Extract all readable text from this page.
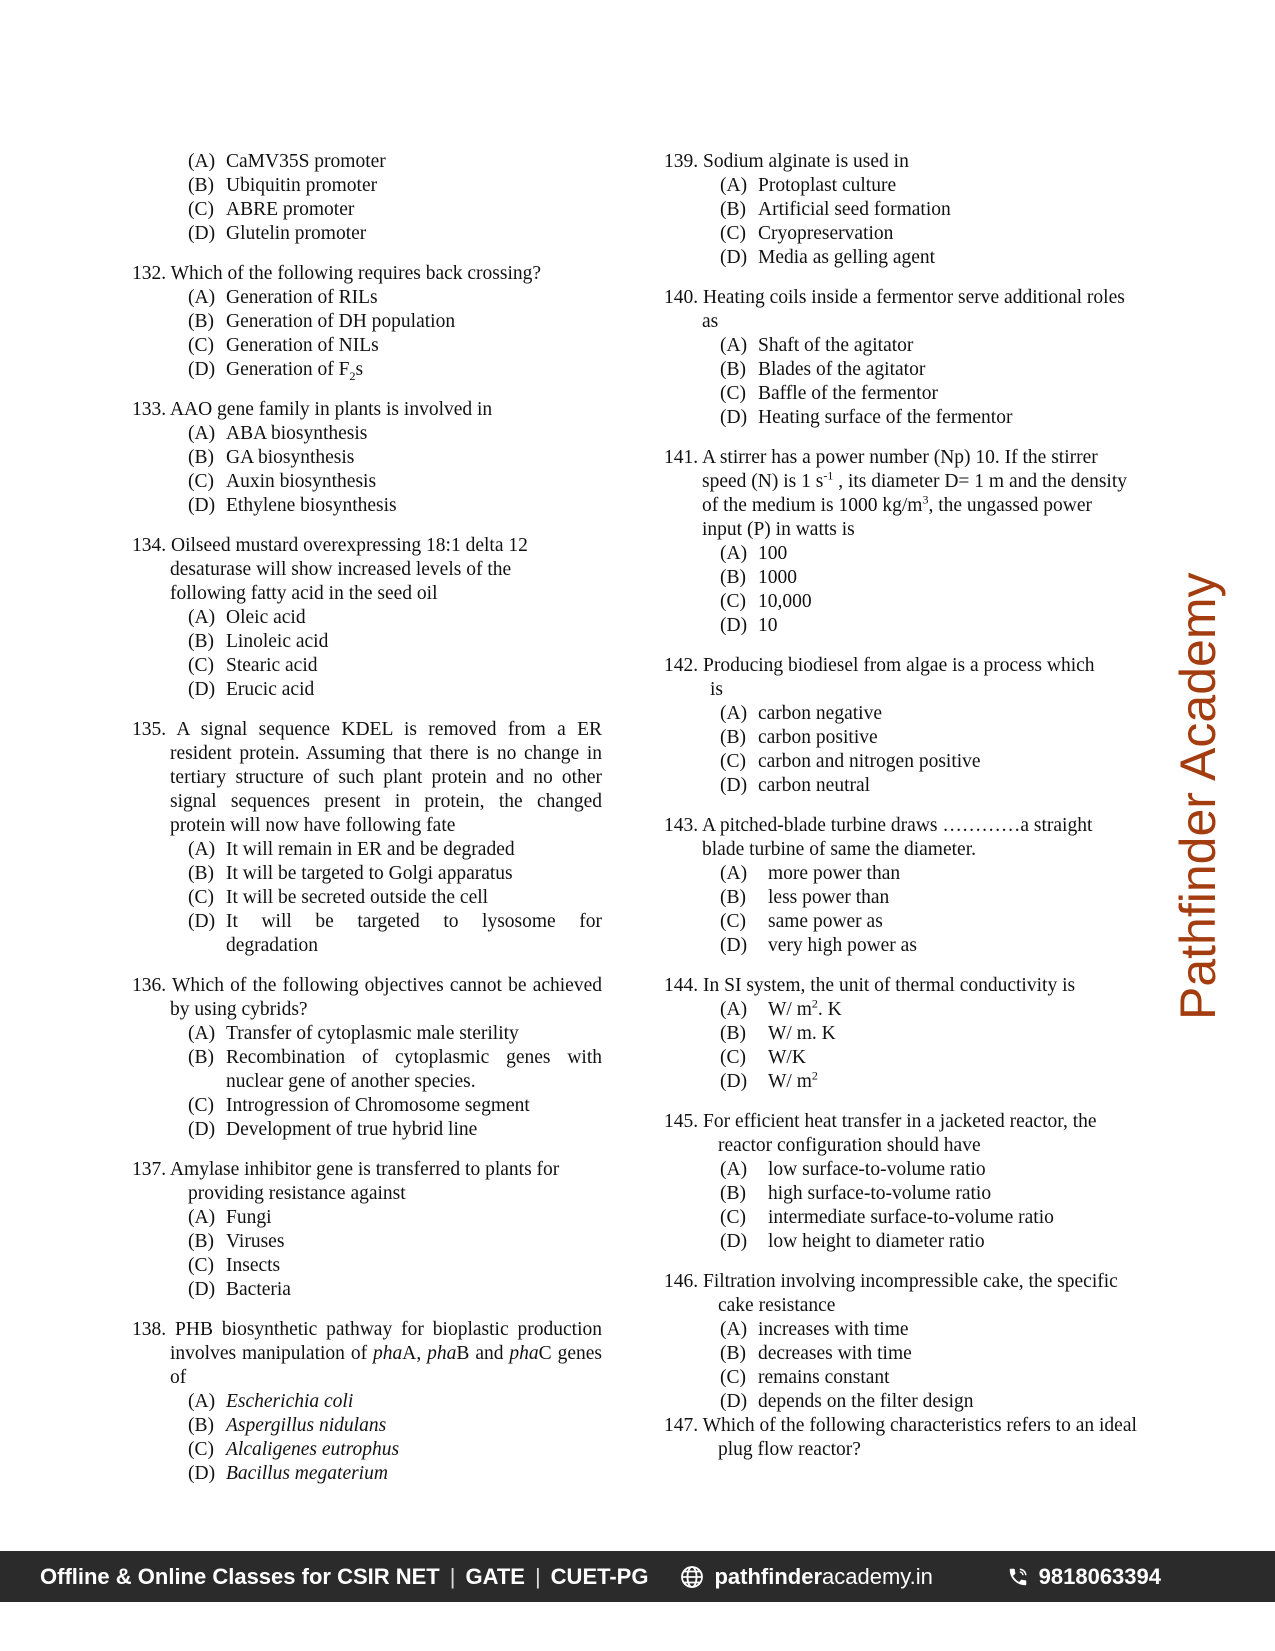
(A) CaMV35S promoter
(B) Ubiquitin promoter
(C) ABRE promoter
(D) Glutelin promoter
132. Which of the following requires back crossing?
(A) Generation of RILs
(B) Generation of DH population
(C) Generation of NILs
(D) Generation of $F_2s$
133. AAO gene family in plants is involved in
(A) ABA biosynthesis
(B) GA biosynthesis
(C) Auxin biosynthesis
(D) Ethylene biosynthesis
134. Oilseed mustard overexpressing 18:1 delta 12 desaturase will show increased levels of the following fatty acid in the seed oil
(A) Oleic acid
(B) Linoleic acid
(C) Stearic acid
(D) Erucic acid
135. A signal sequence KDEL is removed from a ER resident protein. Assuming that there is no change in tertiary structure of such plant protein and no other signal sequences present in protein, the changed protein will now have following fate
(A) It will remain in ER and be degraded
(B) It will be targeted to Golgi apparatus
(C) It will be secreted outside the cell
(D) It will be targeted to lysosome for degradation
136. Which of the following objectives cannot be achieved by using cybrids?
(A) Transfer of cytoplasmic male sterility
(B) Recombination of cytoplasmic genes with nuclear gene of another species.
(C) Introgression of Chromosome segment
(D) Development of true hybrid line
137. Amylase inhibitor gene is transferred to plants for providing resistance against
(A) Fungi
(B) Viruses
(C) Insects
(D) Bacteria
138. PHB biosynthetic pathway for bioplastic production involves manipulation of phaA, phaB and phaC genes of
(A) Escherichia coli
(B) Aspergillus nidulans
(C) Alcaligenes eutrophus
(D) Bacillus megaterium
139. Sodium alginate is used in
(A) Protoplast culture
(B) Artificial seed formation
(C) Cryopreservation
(D) Media as gelling agent
140. Heating coils inside a fermentor serve additional roles as
(A) Shaft of the agitator
(B) Blades of the agitator
(C) Baffle of the fermentor
(D) Heating surface of the fermentor
141. A stirrer has a power number (Np) 10. If the stirrer speed (N) is 1 $s^{-1}$ , its diameter D= 1 m and the density of the medium is 1000 $kg/m^3$, the ungassed power input (P) in watts is
(A) 100
(B) 1000
(C) 10,000
(D) 10
142. Producing biodiesel from algae is a process which is
(A) carbon negative
(B) carbon positive
(C) carbon and nitrogen positive
(D) carbon neutral
143. A pitched-blade turbine draws …………a straight blade turbine of same the diameter.
(A)	more power than
(B)	less power than
(C)	same power as
(D)	very high power as
144. In SI system, the unit of thermal conductivity is
(A)	W/ $m^2$. K
(B)	W/ m. K
(C)	W/K
(D)	W/ $m^2$
145. For efficient heat transfer in a jacketed reactor, the reactor configuration should have
(A)	low surface-to-volume ratio
(B)	high surface-to-volume ratio
(C)	intermediate surface-to-volume ratio
(D)	low height to diameter ratio
146. Filtration involving incompressible cake, the specific cake resistance
(A) increases with time
(B) decreases with time
(C) remains constant
(D) depends on the filter design
147. Which of the following characteristics refers to an ideal plug flow reactor?
Pathfinder Academy
Offline & Online Classes for CSIR NET | GATE | CUET-PG	pathfinder academy.in	9818063394
